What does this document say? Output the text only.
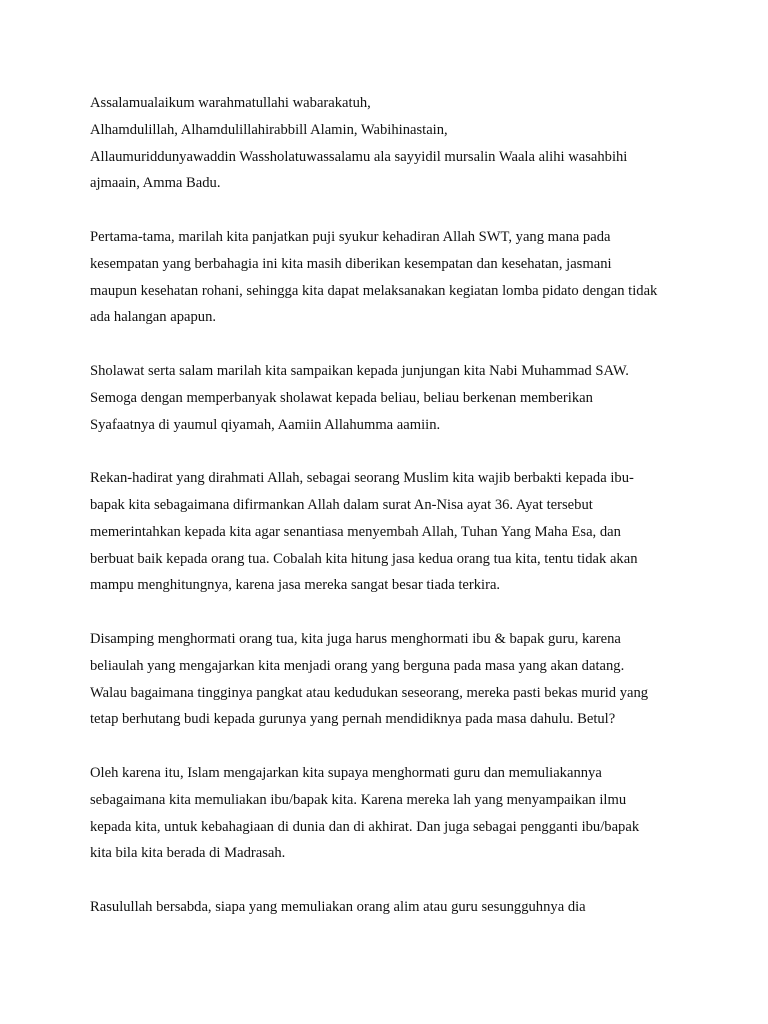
Assalamualaikum warahmatullahi wabarakatuh,
Alhamdulillah, Alhamdulillahirabbill Alamin, Wabihinastain,
Allaumuriddunyawaddin Wassholatuwassalamu ala sayyidil mursalin Waala alihi wasahbihi
ajmaain, Amma Badu.

Pertama-tama, marilah kita panjatkan puji syukur kehadiran Allah SWT, yang mana pada
kesempatan yang berbahagia ini kita masih diberikan kesempatan dan kesehatan, jasmani
maupun kesehatan rohani, sehingga kita dapat melaksanakan kegiatan lomba pidato dengan tidak
ada halangan apapun.

Sholawat serta salam marilah kita sampaikan kepada junjungan kita Nabi Muhammad SAW.
Semoga dengan memperbanyak sholawat kepada beliau, beliau berkenan memberikan
Syafaatnya di yaumul qiyamah, Aamiin Allahumma aamiin.

Rekan-hadirat yang dirahmati Allah, sebagai seorang Muslim kita wajib berbakti kepada ibu-
bapak kita sebagaimana difirmankan Allah dalam surat An-Nisa ayat 36. Ayat tersebut
memerintahkan kepada kita agar senantiasa menyembah Allah, Tuhan Yang Maha Esa, dan
berbuat baik kepada orang tua. Cobalah kita hitung jasa kedua orang tua kita, tentu tidak akan
mampu menghitungnya, karena jasa mereka sangat besar tiada terkira.

Disamping menghormati orang tua, kita juga harus menghormati ibu & bapak guru, karena
beliaulah yang mengajarkan kita menjadi orang yang berguna pada masa yang akan datang.
Walau bagaimana tingginya pangkat atau kedudukan seseorang, mereka pasti bekas murid yang
tetap berhutang budi kepada gurunya yang pernah mendidiknya pada masa dahulu. Betul?

Oleh karena itu, Islam mengajarkan kita supaya menghormati guru dan memuliakannya
sebagaimana kita memuliakan ibu/bapak kita. Karena mereka lah yang menyampaikan ilmu
kepada kita, untuk kebahagiaan di dunia dan di akhirat. Dan juga sebagai pengganti ibu/bapak
kita bila kita berada di Madrasah.

Rasulullah bersabda, siapa yang memuliakan orang alim atau guru sesungguhnya dia
